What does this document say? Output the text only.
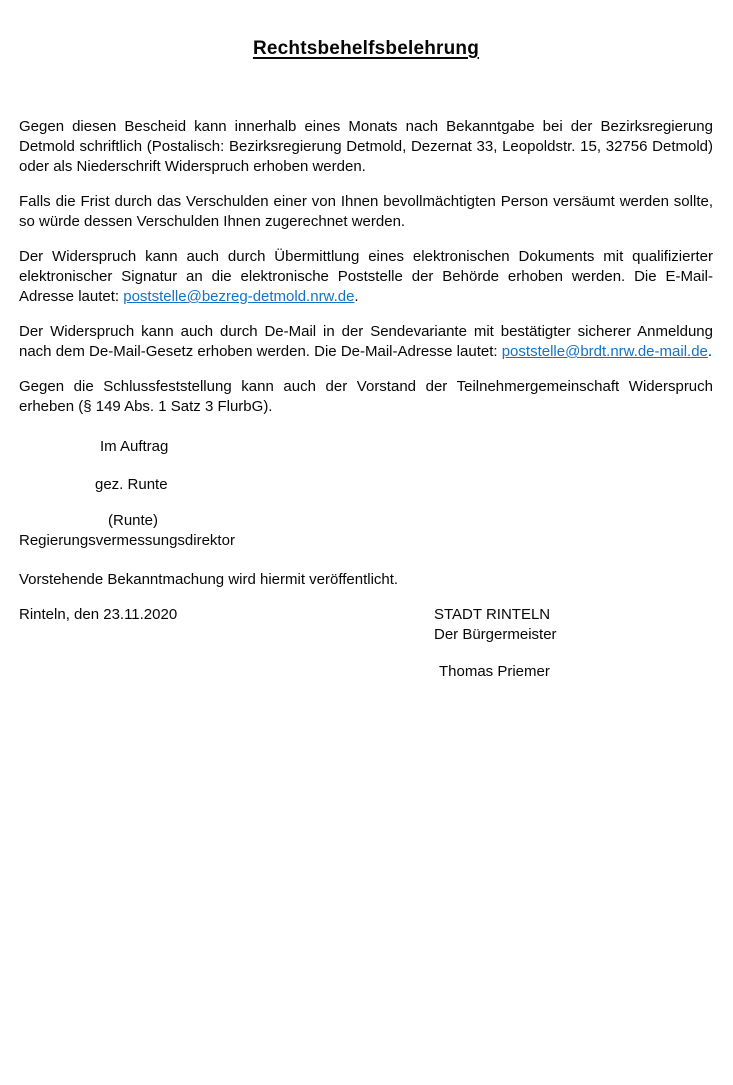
Rechtsbehelfsbelehrung

Gegen diesen Bescheid kann innerhalb eines Monats nach Bekanntgabe bei der Bezirksregierung Detmold schriftlich (Postalisch: Bezirksregierung Detmold, Dezernat 33, Leopoldstr. 15, 32756 Detmold) oder als Niederschrift Widerspruch erhoben werden.

Falls die Frist durch das Verschulden einer von Ihnen bevollmächtigten Person versäumt werden sollte, so würde dessen Verschulden Ihnen zugerechnet werden.

Der Widerspruch kann auch durch Übermittlung eines elektronischen Dokuments mit qualifizierter elektronischer Signatur an die elektronische Poststelle der Behörde erhoben werden. Die E-Mail-Adresse lautet: poststelle@bezreg-detmold.nrw.de.

Der Widerspruch kann auch durch De-Mail in der Sendevariante mit bestätigter sicherer Anmeldung nach dem De-Mail-Gesetz erhoben werden. Die De-Mail-Adresse lautet: poststelle@brdt.nrw.de-mail.de.

Gegen die Schlussfeststellung kann auch der Vorstand der Teilnehmergemeinschaft Widerspruch erheben (§ 149 Abs. 1 Satz 3 FlurbG).

Im Auftrag

gez. Runte

(Runte)

Regierungsvermessungsdirektor

Vorstehende Bekanntmachung wird hiermit veröffentlicht.

Rinteln, den 23.11.2020	STADT RINTELN
Der Bürgermeister

Thomas Priemer
